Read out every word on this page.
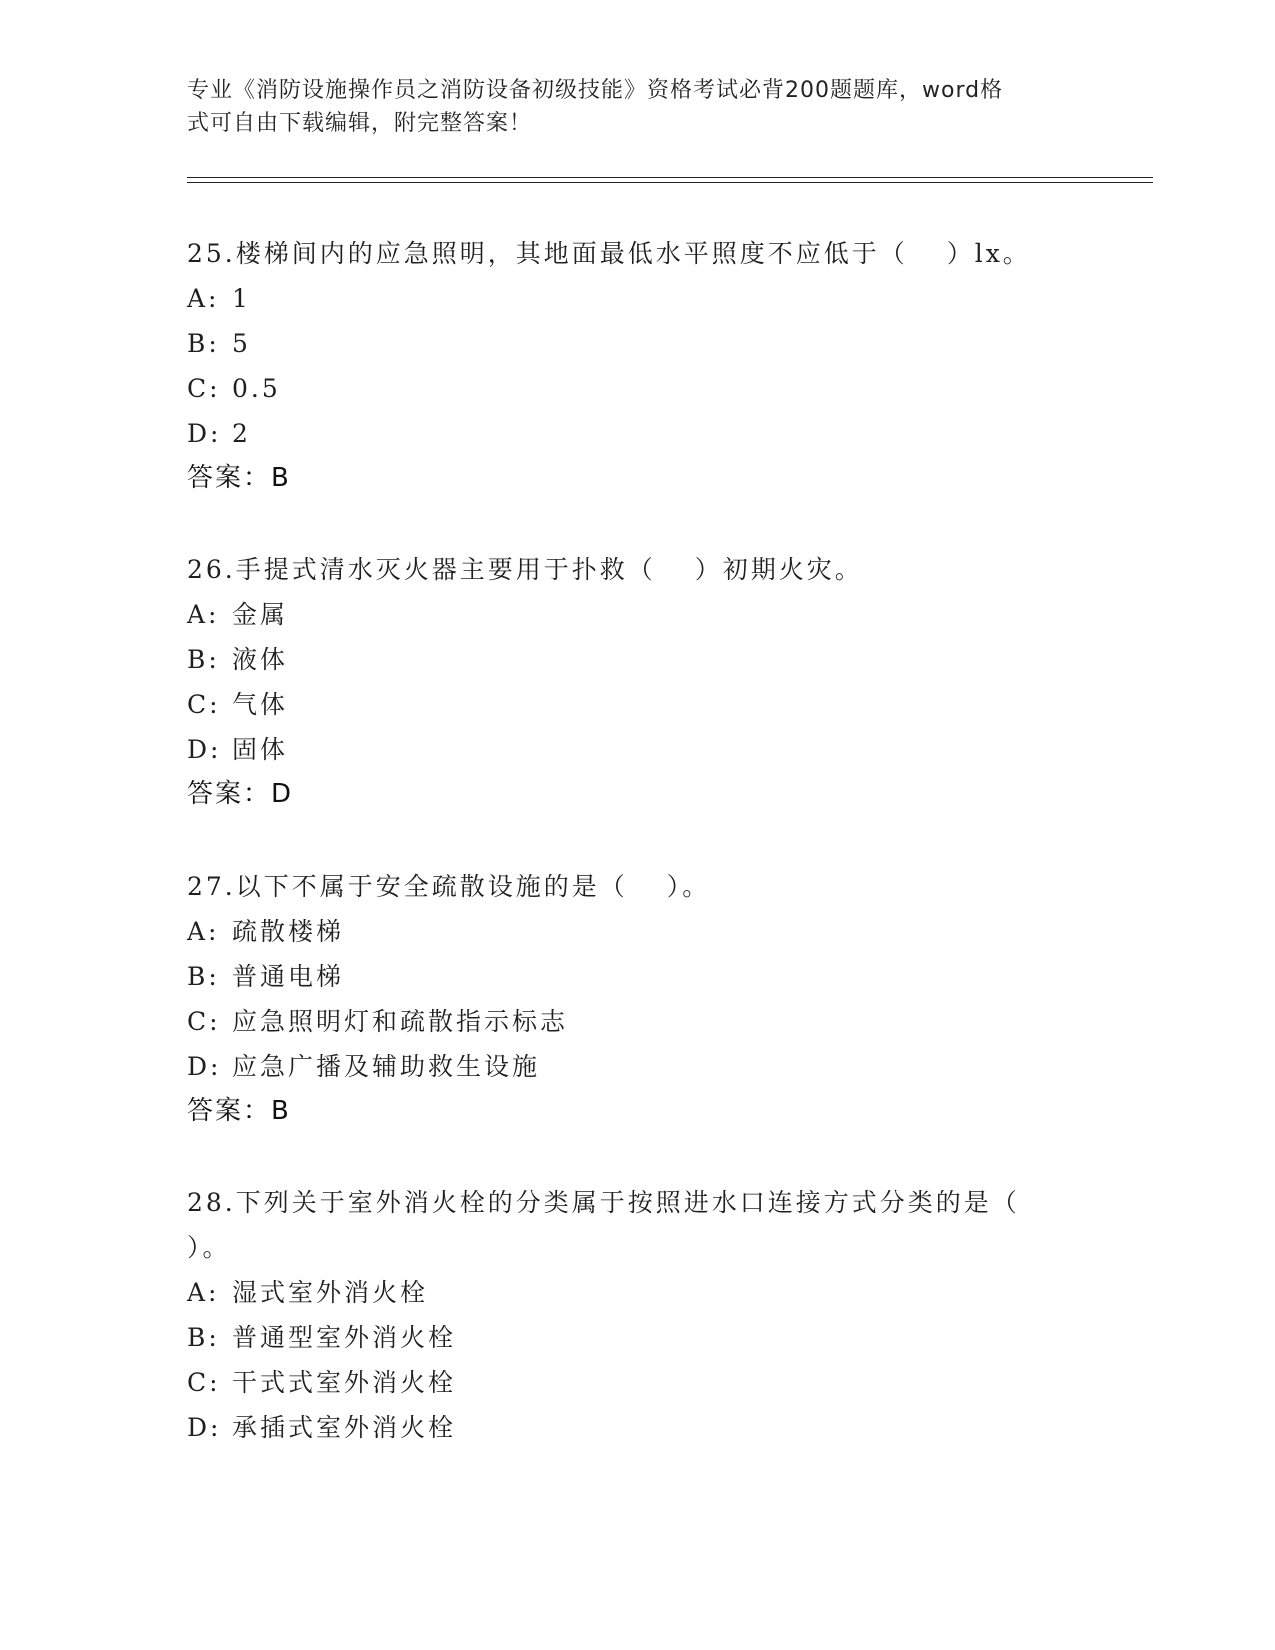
专业《消防设施操作员之消防设备初级技能》资格考试必背200题题库，word格
式可自由下载编辑，附完整答案！
25.楼梯间内的应急照明，其地面最低水平照度不应低于（　 ）lx。
A: 1
B: 5
C: 0.5
D: 2
答案：B
26.手提式清水灭火器主要用于扑救（　 ）初期火灾。
A: 金属
B: 液体
C: 气体
D: 固体
答案：D
27.以下不属于安全疏散设施的是（　 ）。
A: 疏散楼梯
B: 普通电梯
C: 应急照明灯和疏散指示标志
D: 应急广播及辅助救生设施
答案：B
28.下列关于室外消火栓的分类属于按照进水口连接方式分类的是（
）。
A: 湿式室外消火栓
B: 普通型室外消火栓
C: 干式式室外消火栓
D: 承插式室外消火栓
